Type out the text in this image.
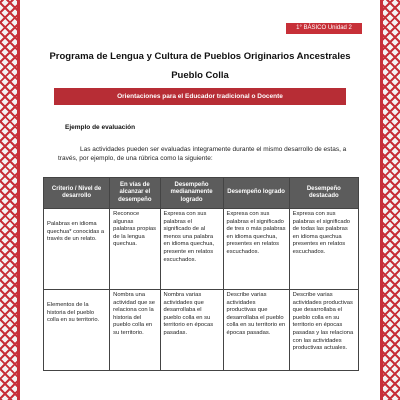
1° BÁSICO Unidad 2
Programa de Lengua y Cultura de Pueblos Originarios Ancestrales
Pueblo Colla
Orientaciones para el Educador tradicional o Docente
Ejemplo de evaluación
Las actividades pueden ser evaluadas íntegramente durante el mismo desarrollo de estas, a través, por ejemplo, de una rúbrica como la siguiente:
Criterio / Nivel de desarrollo	En vías de alcanzar el desempeño	Desempeño medianamente logrado	Desempeño logrado	Desempeño destacado
Palabras en idioma quechua* conocidas a través de un relato.	Reconoce algunas palabras propias de la lengua quechua.	Expresa con sus palabras el significado de al menos una palabra en idioma quechua, presente en relatos escuchados.	Expresa con sus palabras el significado de tres o más palabras en idioma quechua, presentes en relatos escuchados.	Expresa con sus palabras el significado de todas las palabras en idioma quechua presentes en relatos escuchados.
Elementos de la historia del pueblo colla en su territorio.	Nombra una actividad que se relaciona con la historia del pueblo colla en su territorio.	Nombra varias actividades que desarrollaba el pueblo colla en su territorio en épocas pasadas.	Describe varias actividades productivas que desarrollaba el pueblo colla en su territorio en épocas pasadas.	Describe varias actividades productivas que desarrollaba el pueblo colla en su territorio en épocas pasadas y las relaciona con las actividades productivas actuales.
